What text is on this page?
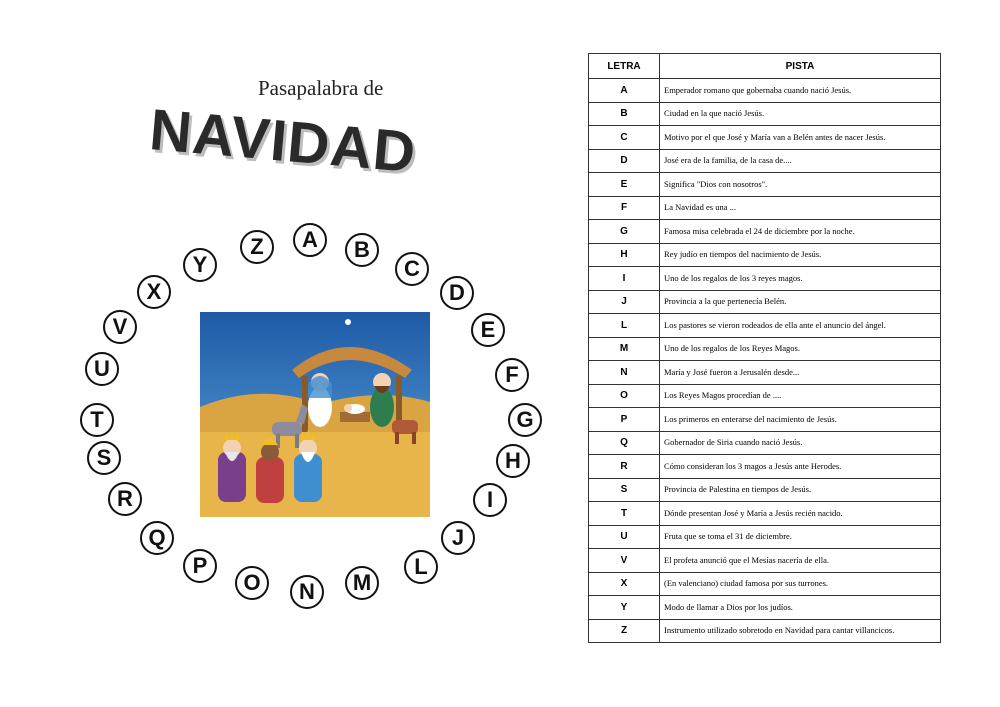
Pasapalabra de
NAVIDAD
Z	A	B
C
D
E
F
G
H
I
J
L
M
N
O
P
Q
R
S
T
U
V
X
Y
LETRA	PISTA
A	Emperador romano que gobernaba cuando nació Jesús.
B	Ciudad en la que nació Jesús.
C	Motivo por el que José y María van a Belén antes de nacer Jesús.
D	José era de la familia, de la casa de....
E	Significa "Dios con nosotros".
F	La Navidad es una ...
G	Famosa misa celebrada el 24 de diciembre por la noche.
H	Rey judío en tiempos del nacimiento de Jesús.
I	Uno de los regalos de los 3 reyes magos.
J	Provincia a la que pertenecía Belén.
L	Los pastores se vieron rodeados de ella ante el anuncio del ángel.
M	Uno de los regalos de los Reyes Magos.
N	María y José fueron a Jerusalén desde...
O	Los Reyes Magos procedían de ....
P	Los primeros en enterarse del nacimiento de Jesús.
Q	Gobernador de Siria cuando nació Jesús.
R	Cómo consideran los 3 magos a Jesús ante Herodes.
S	Provincia de Palestina en tiempos de Jesús.
T	Dónde presentan José y María a Jesús recién nacido.
U	Fruta que se toma el 31 de diciembre.
V	El profeta anunció que el Mesías nacería de ella.
X	(En valenciano) ciudad famosa por sus turrones.
Y	Modo de llamar a Dios por los judíos.
Z	Instrumento utilizado sobretodo en Navidad para cantar villancicos.
